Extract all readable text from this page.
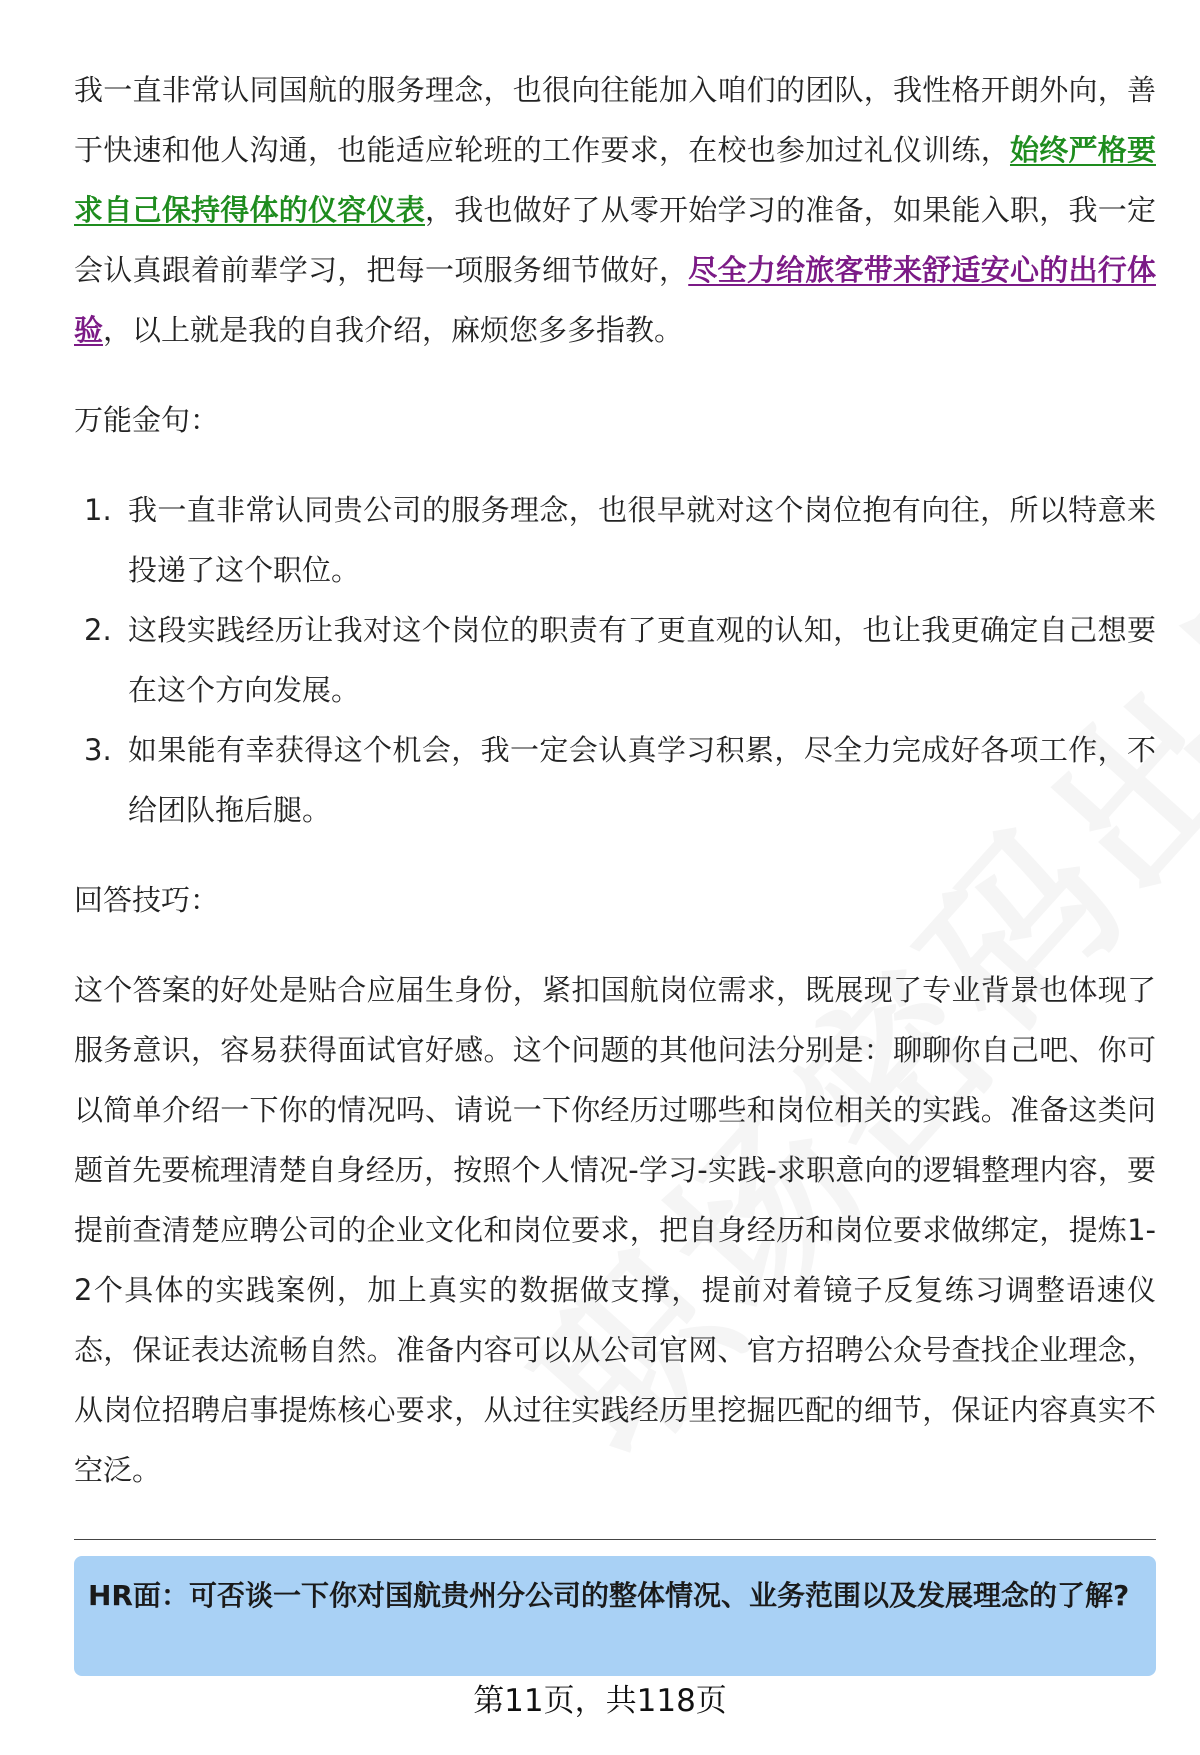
我一直非常认同国航的服务理念，也很向往能加入咱们的团队，我性格开朗外向，善于快速和他人沟通，也能适应轮班的工作要求，在校也参加过礼仪训练，始终严格要求自己保持得体的仪容仪表，我也做好了从零开始学习的准备，如果能入职，我一定会认真跟着前辈学习，把每一项服务细节做好，尽全力给旅客带来舒适安心的出行体验，以上就是我的自我介绍，麻烦您多多指教。

万能金句：
1. 我一直非常认同贵公司的服务理念，也很早就对这个岗位抱有向往，所以特意来投递了这个职位。
2. 这段实践经历让我对这个岗位的职责有了更直观的认知，也让我更确定自己想要在这个方向发展。
3. 如果能有幸获得这个机会，我一定会认真学习积累，尽全力完成好各项工作，不给团队拖后腿。
回答技巧：

这个答案的好处是贴合应届生身份，紧扣国航岗位需求，既展现了专业背景也体现了服务意识，容易获得面试官好感。这个问题的其他问法分别是：聊聊你自己吧、你可以简单介绍一下你的情况吗、请说一下你经历过哪些和岗位相关的实践。准备这类问题首先要梳理清楚自身经历，按照个人情况-学习-实践-求职意向的逻辑整理内容，要提前查清楚应聘公司的企业文化和岗位要求，把自身经历和岗位要求做绑定，提炼1-2个具体的实践案例，加上真实的数据做支撑，提前对着镜子反复练习调整语速仪态，保证表达流畅自然。准备内容可以从公司官网、官方招聘公众号查找企业理念，从岗位招聘启事提炼核心要求，从过往实践经历里挖掘匹配的细节，保证内容真实不空泛。

HR面：可否谈一下你对国航贵州分公司的整体情况、业务范围以及发展理念的了解?
第11页，共118页
